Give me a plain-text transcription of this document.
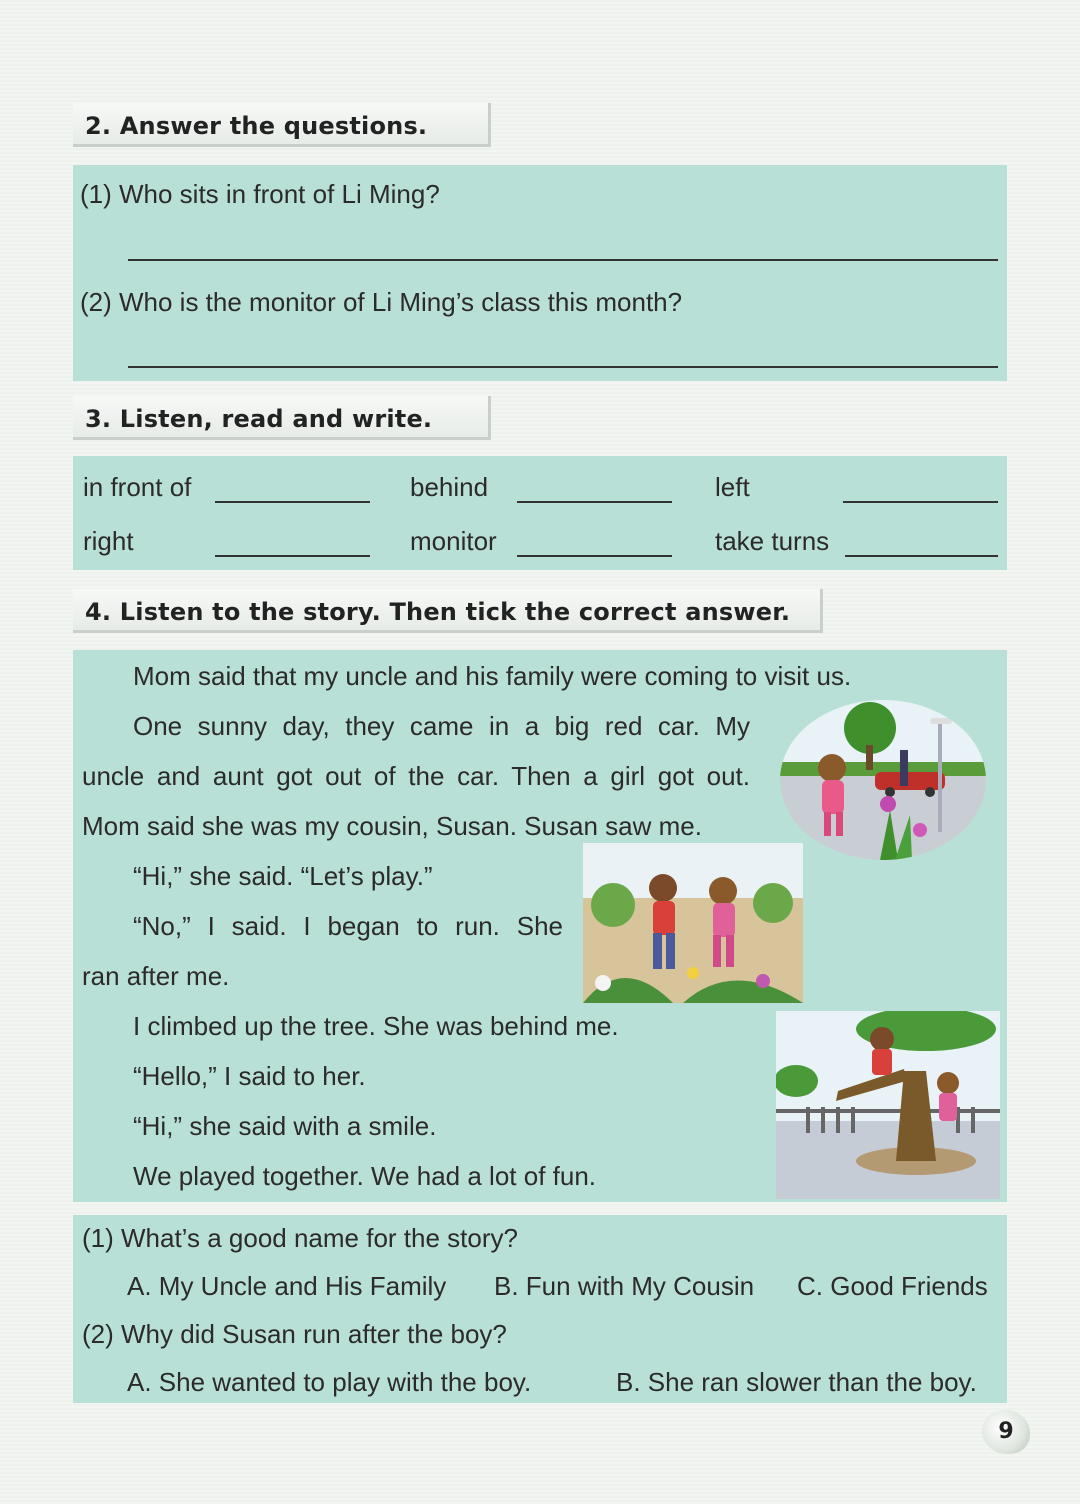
2. Answer the questions.
(1) Who sits in front of Li Ming?
(2) Who is the monitor of Li Ming’s class this month?
3. Listen, read and write.
in front of	behind	left
right	monitor	take turns
4. Listen to the story. Then tick the correct answer.
Mom said that my uncle and his family were coming to visit us.
One sunny day, they came in a big red car. My
uncle and aunt got out of the car. Then a girl got out.
Mom said she was my cousin, Susan. Susan saw me.
“Hi,” she said. “Let’s play.”
“No,” I said. I began to run. She
ran after me.
I climbed up the tree. She was behind me.
“Hello,” I said to her.
“Hi,” she said with a smile.
We played together. We had a lot of fun.
(1) What’s a good name for the story?
A. My Uncle and His Family B. Fun with My Cousin C. Good Friends
(2) Why did Susan run after the boy?
A. She wanted to play with the boy.	B. She ran slower than the boy.
9
